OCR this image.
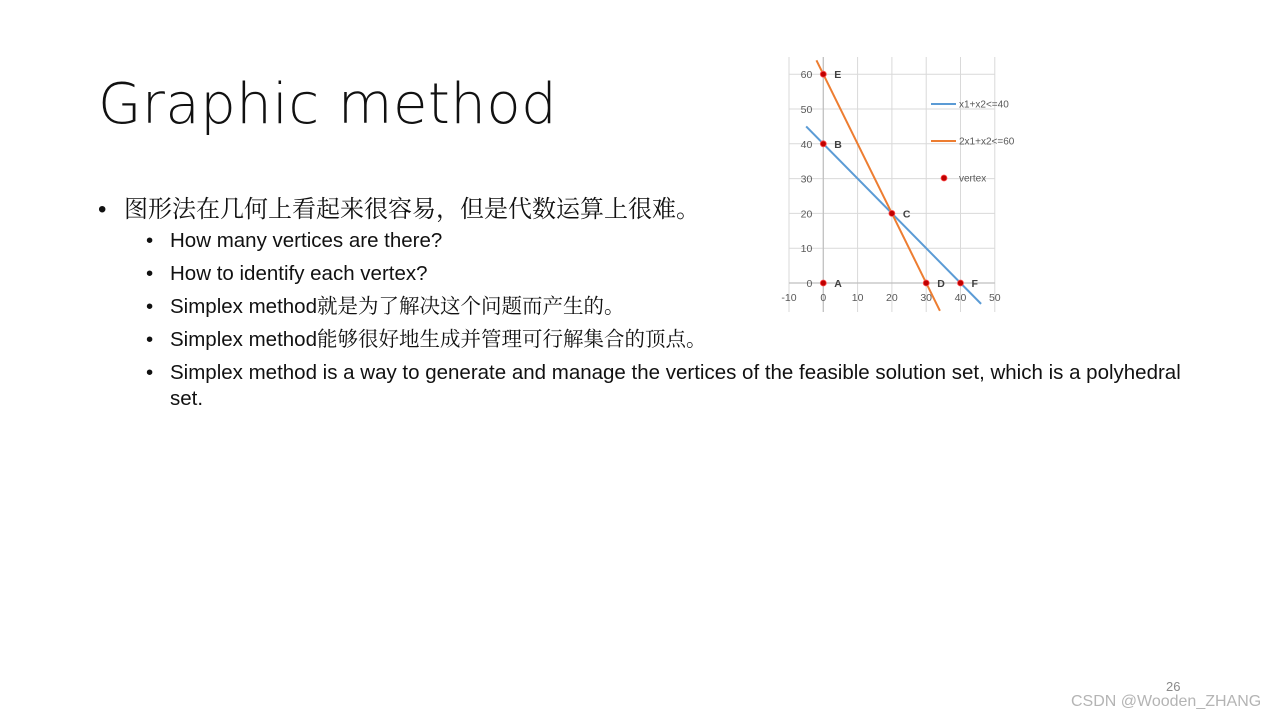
Graphic method
• 图形法在几何上看起来很容易，但是代数运算上很难。
• How many vertices are there?
• How to identify each vertex?
• Simplex method就是为了解决这个问题而产生的。
• Simplex method能够很好地生成并管理可行解集合的顶点。
• Simplex method is a way to generate and manage the vertices of the feasible solution set, which is a polyhedral set.
-10 0 10 20 30 40 50
0
10
20
30
40
50
60
A
B
C
D
E
F
x1+x2<=40
2x1+x2<=60
vertex
26
CSDN @Wooden_ZHANG
